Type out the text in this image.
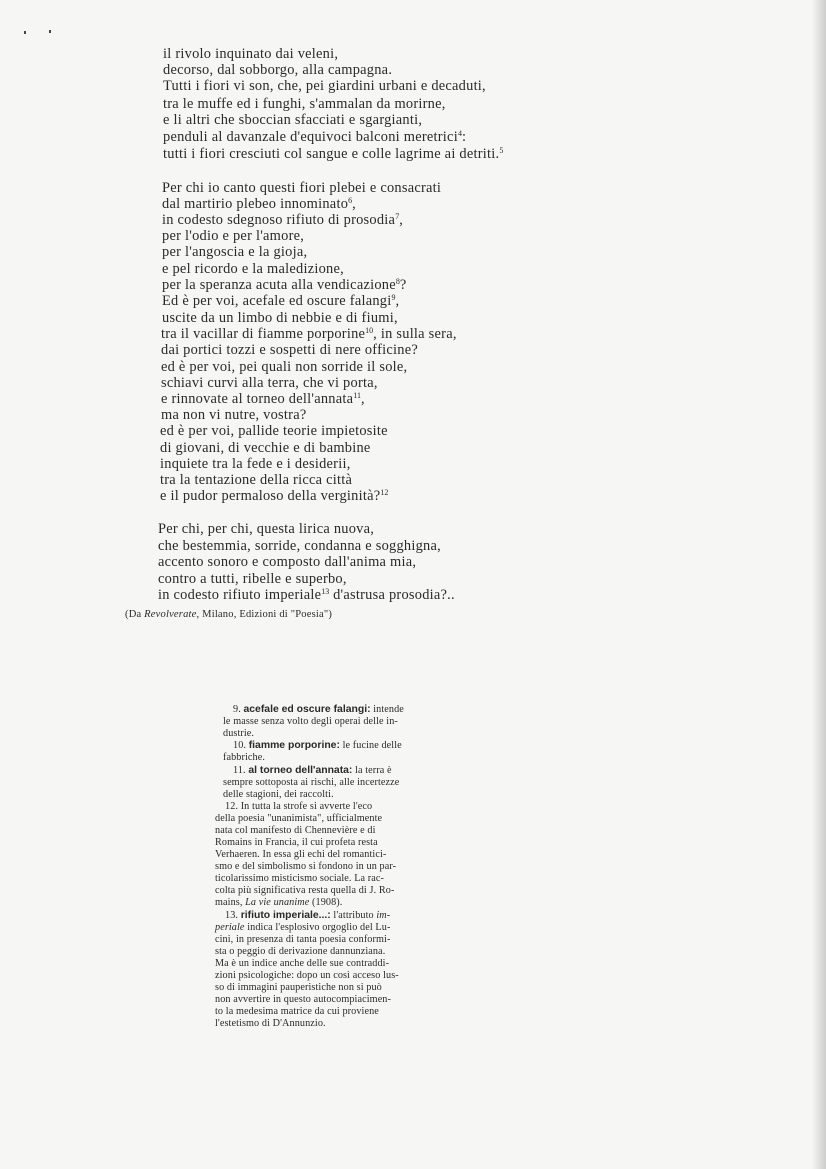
il rivolo inquinato dai veleni,
decorso, dal sobborgo, alla campagna.
Tutti i fiori vi son, che, pei giardini urbani e decaduti,
tra le muffe ed i funghi, s'ammalan da morirne,
e li altri che sboccian sfacciati e sgargianti,
penduli al davanzale d'equivoci balconi meretrici$^4$:
tutti i fiori cresciuti col sangue e colle lagrime ai detriti.$^5$
Per chi io canto questi fiori plebei e consacrati
dal martirio plebeo innominato$^6$,
in codesto sdegnoso rifiuto di prosodia$^7$,
per l'odio e per l'amore,
per l'angoscia e la gioja,
e pel ricordo e la maledizione,
per la speranza acuta alla vendicazione$^8$?
Ed è per voi, acefale ed oscure falangi$^9$,
uscite da un limbo di nebbie e di fiumi,
tra il vacillar di fiamme porporine$^{10}$, in sulla sera,
dai portici tozzi e sospetti di nere officine?
ed è per voi, pei quali non sorride il sole,
schiavi curvi alla terra, che vi porta,
e rinnovate al torneo dell'annata$^{11}$,
ma non vi nutre, vostra?
ed è per voi, pallide teorie impietosite
di giovani, di vecchie e di bambine
inquiete tra la fede e i desiderii,
tra la tentazione della ricca città
e il pudor permaloso della verginità?$^{12}$
Per chi, per chi, questa lirica nuova,
che bestemmia, sorride, condanna e sogghigna,
accento sonoro e composto dall'anima mia,
contro a tutti, ribelle e superbo,
in codesto rifiuto imperiale$^{13}$ d'astrusa prosodia?..
(Da Revolverate, Milano, Edizioni di "Poesia")
9. acefale ed oscure falangi: intende
le masse senza volto degli operai delle in-
dustrie.
10. fiamme porporine: le fucine delle
fabbriche.
11. al torneo dell'annata: la terra è
sempre sottoposta ai rischi, alle incertezze
delle stagioni, dei raccolti.
12. In tutta la strofe si avverte l'eco
della poesia "unanimista", ufficialmente
nata col manifesto di Chennevière e di
Romains in Francia, il cui profeta resta
Verhaeren. In essa gli echi del romantici-
smo e del simbolismo si fondono in un par-
ticolarissimo misticismo sociale. La rac-
colta più significativa resta quella di J. Ro-
mains, La vie unanime (1908).
13. rifiuto imperiale...: l'attributo im-
periale indica l'esplosivo orgoglio del Lu-
cini, in presenza di tanta poesia conformi-
sta o peggio di derivazione dannunziana.
Ma è un indice anche delle sue contraddi-
zioni psicologiche: dopo un così acceso lus-
so di immagini pauperistiche non si può
non avvertire in questo autocompiacimen-
to la medesima matrice da cui proviene
l'estetismo di D'Annunzio.
